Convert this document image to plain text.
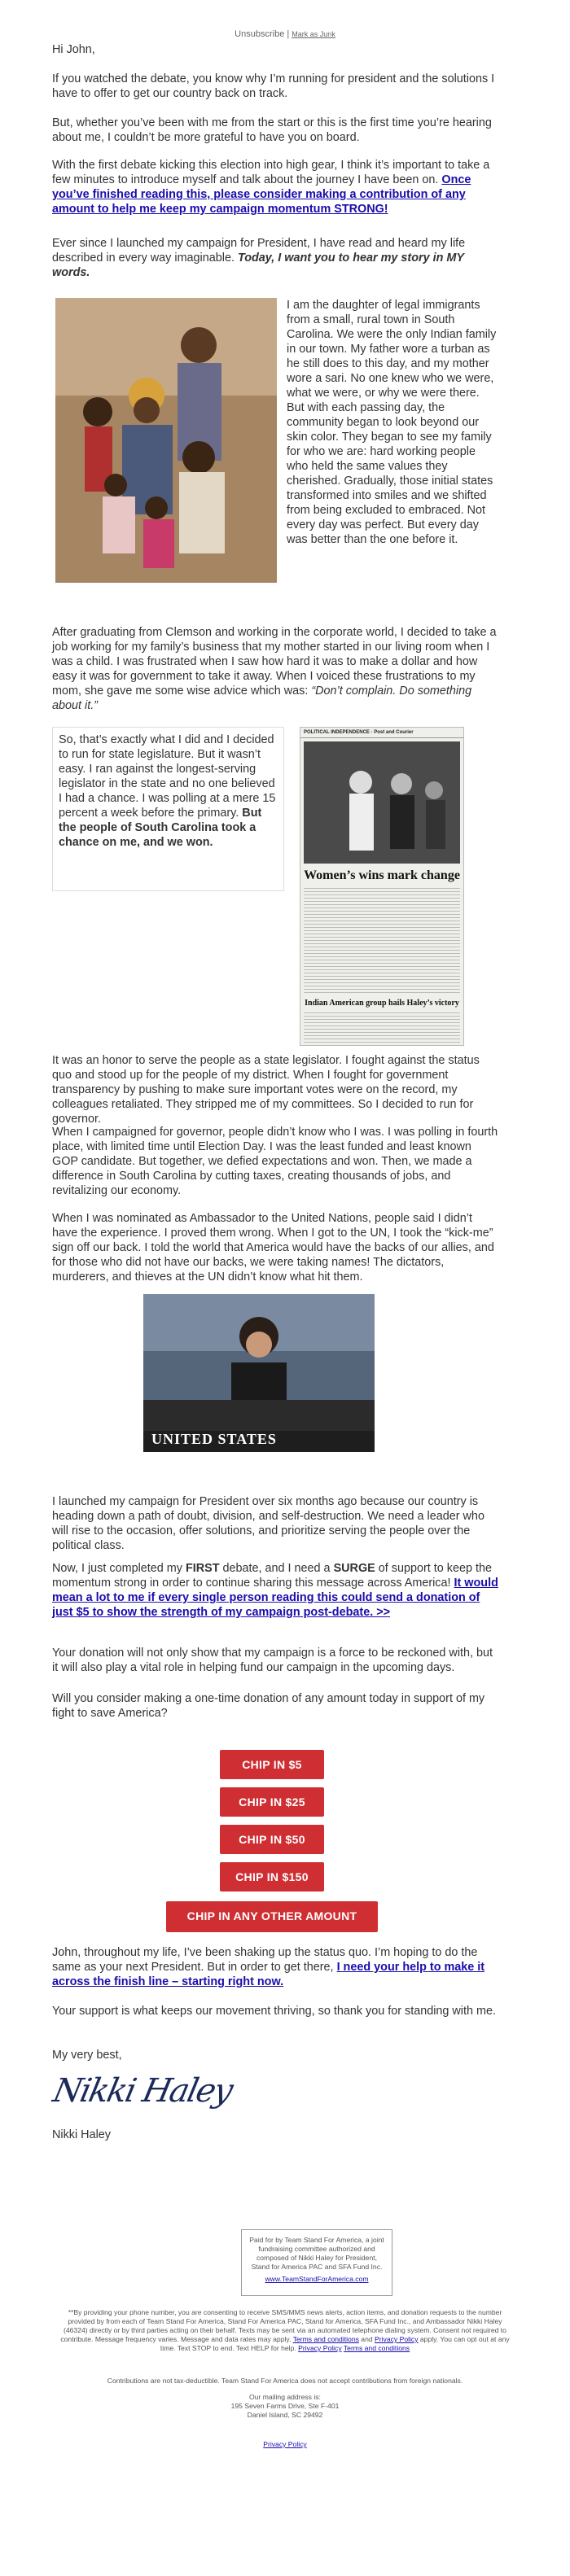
Unsubscribe | Mark as Junk

Hi John,

If you watched the debate, you know why I’m running for president and the solutions I have to offer to get our country back on track.

But, whether you’ve been with me from the start or this is the first time you’re hearing about me, I couldn’t be more grateful to have you on board.

With the first debate kicking this election into high gear, I think it’s important to take a few minutes to introduce myself and talk about the journey I have been on. Once you’ve finished reading this, please consider making a contribution of any amount to help me keep my campaign momentum STRONG!

Ever since I launched my campaign for President, I have read and heard my life described in every way imaginable. Today, I want you to hear my story in MY words.

I am the daughter of legal immigrants from a small, rural town in South Carolina. We were the only Indian family in our town. My father wore a turban as he still does to this day, and my mother wore a sari. No one knew who we were, what we were, or why we were there. But with each passing day, the community began to look beyond our skin color. They began to see my family for who we are: hard working people who held the same values they cherished. Gradually, those initial states transformed into smiles and we shifted from being excluded to embraced. Not every day was perfect. But every day was better than the one before it.

After graduating from Clemson and working in the corporate world, I decided to take a job working for my family’s business that my mother started in our living room when I was a child. I was frustrated when I saw how hard it was to make a dollar and how easy it was for government to take it away. When I voiced these frustrations to my mom, she gave me some wise advice which was: “Don’t complain. Do something about it.”

So, that’s exactly what I did and I decided to run for state legislature. But it wasn’t easy. I ran against the longest-serving legislator in the state and no one believed I had a chance. I was polling at a mere 15 percent a week before the primary. But the people of South Carolina took a chance on me, and we won.

POLITICAL INDEPENDENCE · Post and Courier
Women’s wins mark change
Indian American group hails Haley’s victory

It was an honor to serve the people as a state legislator. I fought against the status quo and stood up for the people of my district. When I fought for government transparency by pushing to make sure important votes were on the record, my colleagues retaliated. They stripped me of my committees. So I decided to run for governor.

When I campaigned for governor, people didn’t know who I was. I was polling in fourth place, with limited time until Election Day. I was the least funded and least known GOP candidate. But together, we defied expectations and won. Then, we made a difference in South Carolina by cutting taxes, creating thousands of jobs, and revitalizing our economy.

When I was nominated as Ambassador to the United Nations, people said I didn’t have the experience. I proved them wrong. When I got to the UN, I took the “kick-me” sign off our back. I told the world that America would have the backs of our allies, and for those who did not have our backs, we were taking names! The dictators, murderers, and thieves at the UN didn’t know what hit them.

UNITED STATES

I launched my campaign for President over six months ago because our country is heading down a path of doubt, division, and self-destruction. We need a leader who will rise to the occasion, offer solutions, and prioritize serving the people over the political class.

Now, I just completed my FIRST debate, and I need a SURGE of support to keep the momentum strong in order to continue sharing this message across America! It would mean a lot to me if every single person reading this could send a donation of just $5 to show the strength of my campaign post-debate. >>

Your donation will not only show that my campaign is a force to be reckoned with, but it will also play a vital role in helping fund our campaign in the upcoming days.

Will you consider making a one-time donation of any amount today in support of my fight to save America?

CHIP IN $5
CHIP IN $25
CHIP IN $50
CHIP IN $150
CHIP IN ANY OTHER AMOUNT

John, throughout my life, I’ve been shaking up the status quo. I’m hoping to do the same as your next President. But in order to get there, I need your help to make it across the finish line – starting right now.

Your support is what keeps our movement thriving, so thank you for standing with me.

My very best,

Nikki Haley

Nikki Haley

Paid for by Team Stand For America, a joint fundraising committee authorized and composed of Nikki Haley for President, Stand for America PAC and SFA Fund Inc.
www.TeamStandForAmerica.com
**By providing your phone number, you are consenting to receive SMS/MMS news alerts, action items, and donation requests to the number provided by from each of Team Stand For America, Stand For America PAC, Stand for America, SFA Fund Inc., and Ambassador Nikki Haley (46324) directly or by third parties acting on their behalf. Texts may be sent via an automated telephone dialing system. Consent not required to contribute. Message frequency varies. Message and data rates may apply. Terms and conditions and Privacy Policy apply. You can opt out at any time. Text STOP to end. Text HELP for help. Privacy Policy Terms and conditions
Contributions are not tax-deductible. Team Stand For America does not accept contributions from foreign nationals.
Our mailing address is:
195 Seven Farms Drive, Ste F-401
Daniel Island, SC 29492
Privacy Policy
